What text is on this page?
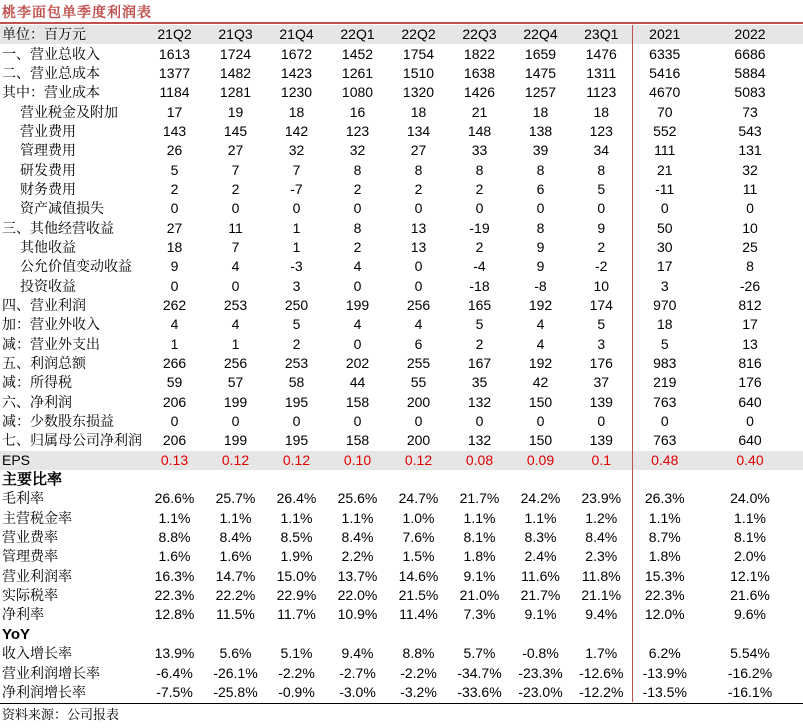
桃李面包单季度利润表
单位：百万元	21Q2	21Q3	21Q4	22Q1	22Q2	22Q3	22Q4	23Q1	2021	2022
一、营业总收入	1613	1724	1672	1452	1754	1822	1659	1476	6335	6686
二、营业总成本	1377	1482	1423	1261	1510	1638	1475	1311	5416	5884
其中：营业成本	1184	1281	1230	1080	1320	1426	1257	1123	4670	5083
营业税金及附加	17	19	18	16	18	21	18	18	70	73
营业费用	143	145	142	123	134	148	138	123	552	543
管理费用	26	27	32	32	27	33	39	34	111	131
研发费用	5	7	7	8	8	8	8	8	21	32
财务费用	2	2	-7	2	2	2	6	5	-11	11
资产减值损失	0	0	0	0	0	0	0	0	0	0
三、其他经营收益	27	11	1	8	13	-19	8	9	50	10
其他收益	18	7	1	2	13	2	9	2	30	25
公允价值变动收益	9	4	-3	4	0	-4	9	-2	17	8
投资收益	0	0	3	0	0	-18	-8	10	3	-26
四、营业利润	262	253	250	199	256	165	192	174	970	812
加：营业外收入	4	4	5	4	4	5	4	5	18	17
减：营业外支出	1	1	2	0	6	2	4	3	5	13
五、利润总额	266	256	253	202	255	167	192	176	983	816
减：所得税	59	57	58	44	55	35	42	37	219	176
六、净利润	206	199	195	158	200	132	150	139	763	640
减：少数股东损益	0	0	0	0	0	0	0	0	0	0
七、归属母公司净利润	206	199	195	158	200	132	150	139	763	640
EPS	0.13	0.12	0.12	0.10	0.12	0.08	0.09	0.1	0.48	0.40
主要比率										
毛利率	26.6%	25.7%	26.4%	25.6%	24.7%	21.7%	24.2%	23.9%	26.3%	24.0%
主营税金率	1.1%	1.1%	1.1%	1.1%	1.0%	1.1%	1.1%	1.2%	1.1%	1.1%
营业费率	8.8%	8.4%	8.5%	8.4%	7.6%	8.1%	8.3%	8.4%	8.7%	8.1%
管理费率	1.6%	1.6%	1.9%	2.2%	1.5%	1.8%	2.4%	2.3%	1.8%	2.0%
营业利润率	16.3%	14.7%	15.0%	13.7%	14.6%	9.1%	11.6%	11.8%	15.3%	12.1%
实际税率	22.3%	22.2%	22.9%	22.0%	21.5%	21.0%	21.7%	21.1%	22.3%	21.6%
净利率	12.8%	11.5%	11.7%	10.9%	11.4%	7.3%	9.1%	9.4%	12.0%	9.6%
YoY										
收入增长率	13.9%	5.6%	5.1%	9.4%	8.8%	5.7%	-0.8%	1.7%	6.2%	5.54%
营业利润增长率	-6.4%	-26.1%	-2.2%	-2.7%	-2.2%	-34.7%	-23.3%	-12.6%	-13.9%	-16.2%
净利润增长率	-7.5%	-25.8%	-0.9%	-3.0%	-3.2%	-33.6%	-23.0%	-12.2%	-13.5%	-16.1%
资料来源：公司报表
